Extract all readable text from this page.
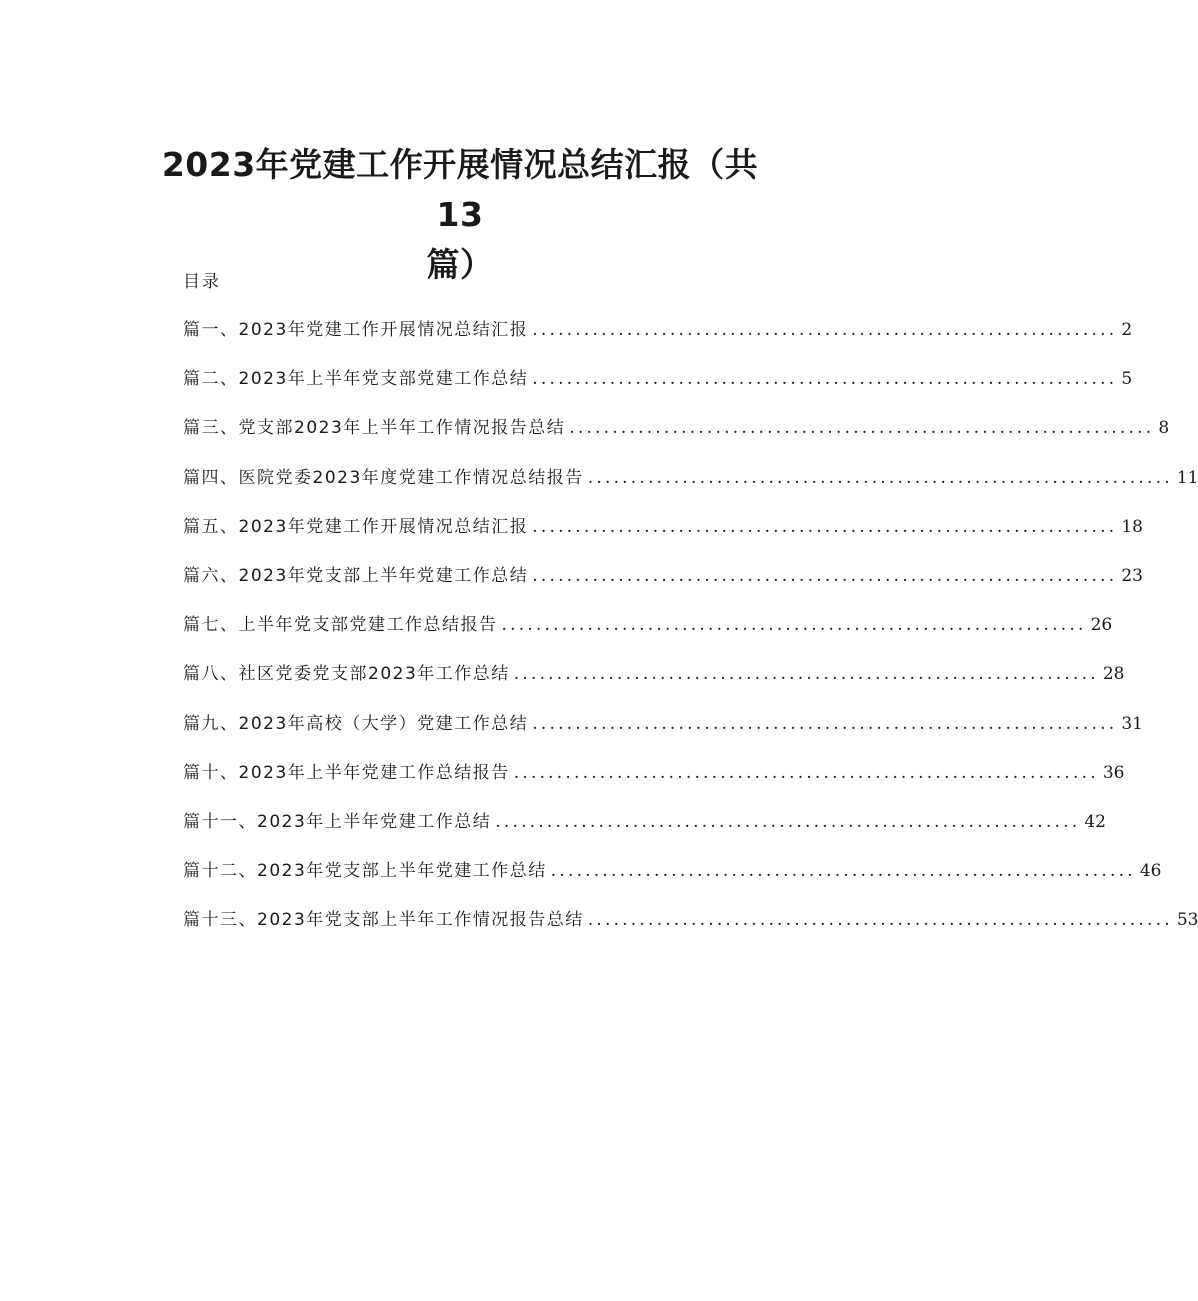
2023年党建工作开展情况总结汇报（共13
篇）
目录
篇一、2023年党建工作开展情况总结汇报 .................................................................... 2
篇二、2023年上半年党支部党建工作总结 .................................................................... 5
篇三、党支部2023年上半年工作情况报告总结 .................................................................... 8
篇四、医院党委2023年度党建工作情况总结报告 .................................................................... 11
篇五、2023年党建工作开展情况总结汇报 .................................................................... 18
篇六、2023年党支部上半年党建工作总结 .................................................................... 23
篇七、上半年党支部党建工作总结报告 .................................................................... 26
篇八、社区党委党支部2023年工作总结 .................................................................... 28
篇九、2023年高校（大学）党建工作总结 .................................................................... 31
篇十、2023年上半年党建工作总结报告 .................................................................... 36
篇十一、2023年上半年党建工作总结 .................................................................... 42
篇十二、2023年党支部上半年党建工作总结 .................................................................... 46
篇十三、2023年党支部上半年工作情况报告总结 .................................................................... 53
